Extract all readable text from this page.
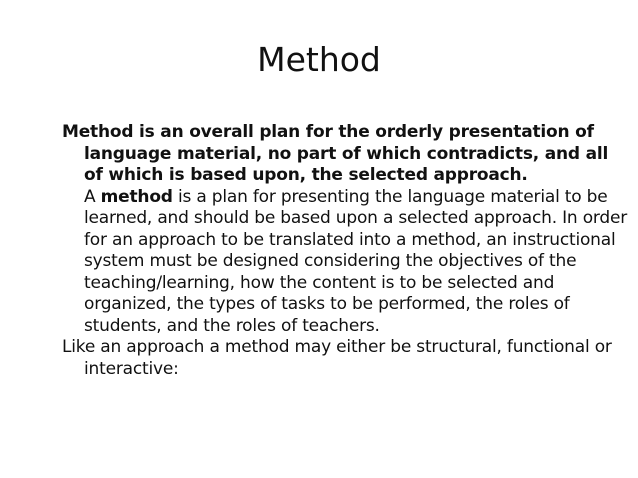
Method

Method is an overall plan for the orderly presentation of language material, no part of which contradicts, and all of which is based upon, the selected approach.
A method is a plan for presenting the language material to be learned, and should be based upon a selected approach. In order for an approach to be translated into a method, an instructional system must be designed considering the objectives of the teaching/learning, how the content is to be selected and organized, the types of tasks to be performed, the roles of students, and the roles of teachers.

Like an approach a method may either be structural, functional or interactive:
